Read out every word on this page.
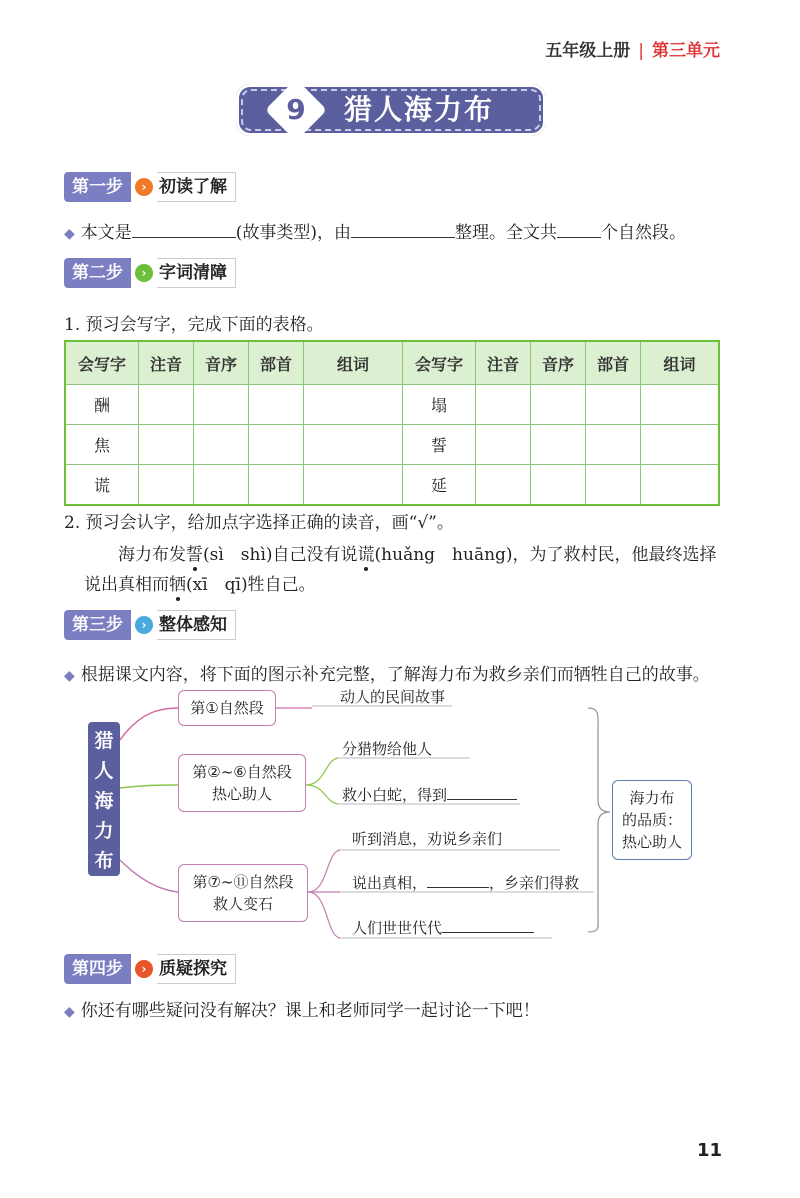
五年级上册 | 第三单元
9	猎人海力布
第一步	› 初读了解
◆ 本文是	(故事类型)，由	整理。全文共	个自然段。
第二步	› 字词清障
1. 预习会写字，完成下面的表格。
会写字	注音	音序	部首	组词	会写字	注音	音序	部首	组词
酬					塌				
焦					誓				
谎					延				
2. 预习会认字，给加点字选择正确的读音，画“√”。
海力布发誓(sì　shì)自己没有说谎(huǎng　huāng)，为了救村民，他最终选择
说出真相而牺(xī　qī)牲自己。
第三步	› 整体感知
◆ 根据课文内容，将下面的图示补充完整，了解海力布为救乡亲们而牺牲自己的故事。
猎人海力布
第①自然段
第②~⑥自然段
热心助人
第⑦~⑪自然段
救人变石
动人的民间故事
分猎物给他人
救小白蛇，得到
听到消息，劝说乡亲们
说出真相，	，乡亲们得救
人们世世代代
海力布
的品质：
热心助人
第四步	› 质疑探究
◆ 你还有哪些疑问没有解决？课上和老师同学一起讨论一下吧！
11
